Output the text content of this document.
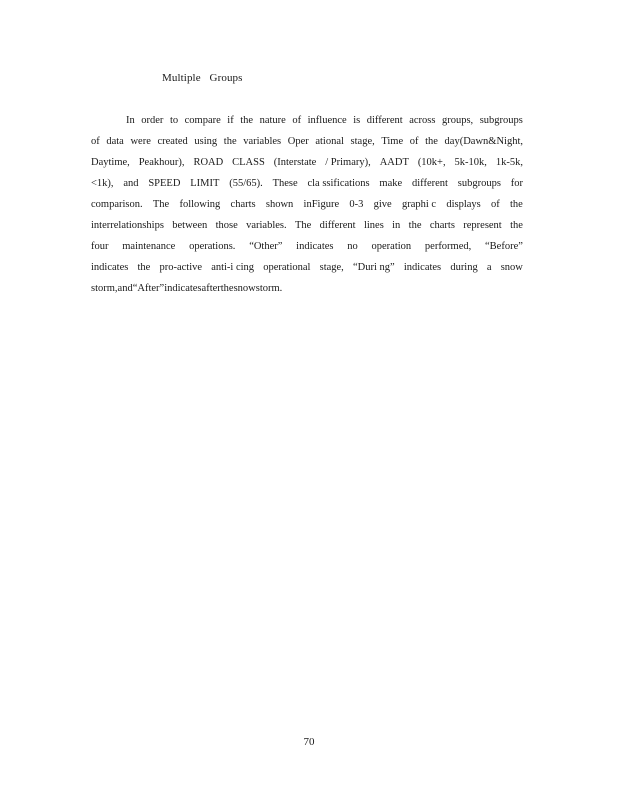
Multiple Groups
In order to compare if the nature of influence is different across groups, subgroups
of data were created using the variables Oper ational stage, Time of the day(Dawn&Night,
Daytime, Peakhour), ROAD CLASS (Interstate / Primary), AADT (10k+, 5k-10k, 1k-5k,
<1k), and SPEED LIMIT (55/65). These cla ssifications make different subgroups for
comparison. The following charts shown inFigure 0-3 give graphi c displays of the
interrelationships between those variables. The different lines in the charts represent the
four maintenance operations. “Other” indicates no operation performed, “Before”
indicates the pro-active anti-i cing operational stage, “Duri ng” indicates during a snow
storm, and “After” indicates after the snow storm.
70
